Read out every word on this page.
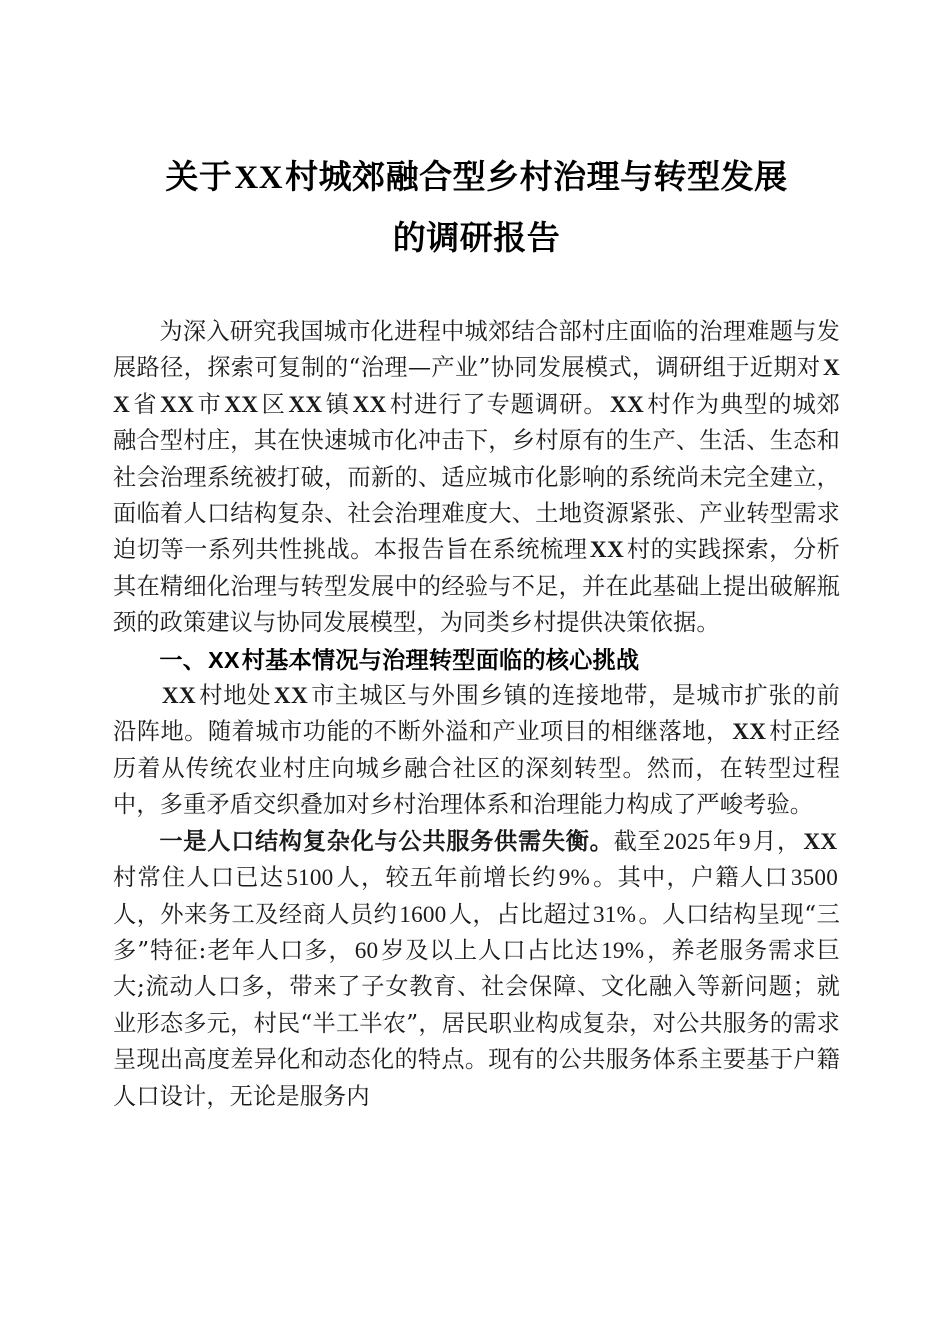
关于XX村城郊融合型乡村治理与转型发展
的调研报告

为深入研究我国城市化进程中城郊结合部村庄面临的治理难题与发展路径，探索可复制的“治理—产业”协同发展模式，调研组于近期对 XX 省 XX 市 XX 区 XX 镇 XX 村进行了专题调研。 XX 村作为典型的城郊融合型村庄，其在快速城市化冲击下，乡村原有的生产、生活、生态和社会治理系统被打破，而新的、适应城市化影响的系统尚未完全建立，面临着人口结构复杂、社会治理难度大、土地资源紧张、产业转型需求迫切等一系列共性挑战。本报告旨在系统梳理 XX 村的实践探索，分析其在精细化治理与转型发展中的经验与不足，并在此基础上提出破解瓶颈的政策建议与协同发展模型，为同类乡村提供决策依据。

一、XX村基本情况与治理转型面临的核心挑战

XX 村地处 XX 市主城区与外围乡镇的连接地带，是城市扩张的前沿阵地。随着城市功能的不断外溢和产业项目的相继落地， XX 村正经历着从传统农业村庄向城乡融合社区的深刻转型。然而，在转型过程中，多重矛盾交织叠加对乡村治理体系和治理能力构成了严峻考验。

一是人口结构复杂化与公共服务供需失衡。截至2025年9月， XX村常住人口已达5100人，较五年前增长约9%。其中，户籍人口3500人，外来务工及经商人员约1600人，占比超过31%。人口结构呈现“三多”特征:老年人口多，60岁及以上人口占比达19%，养老服务需求巨大;流动人口多，带来了子女教育、社会保障、文化融入等新问题；就业形态多元，村民“半工半农”，居民职业构成复杂，对公共服务的需求呈现出高度差异化和动态化的特点。现有的公共服务体系主要基于户籍人口设计，无论是服务内
